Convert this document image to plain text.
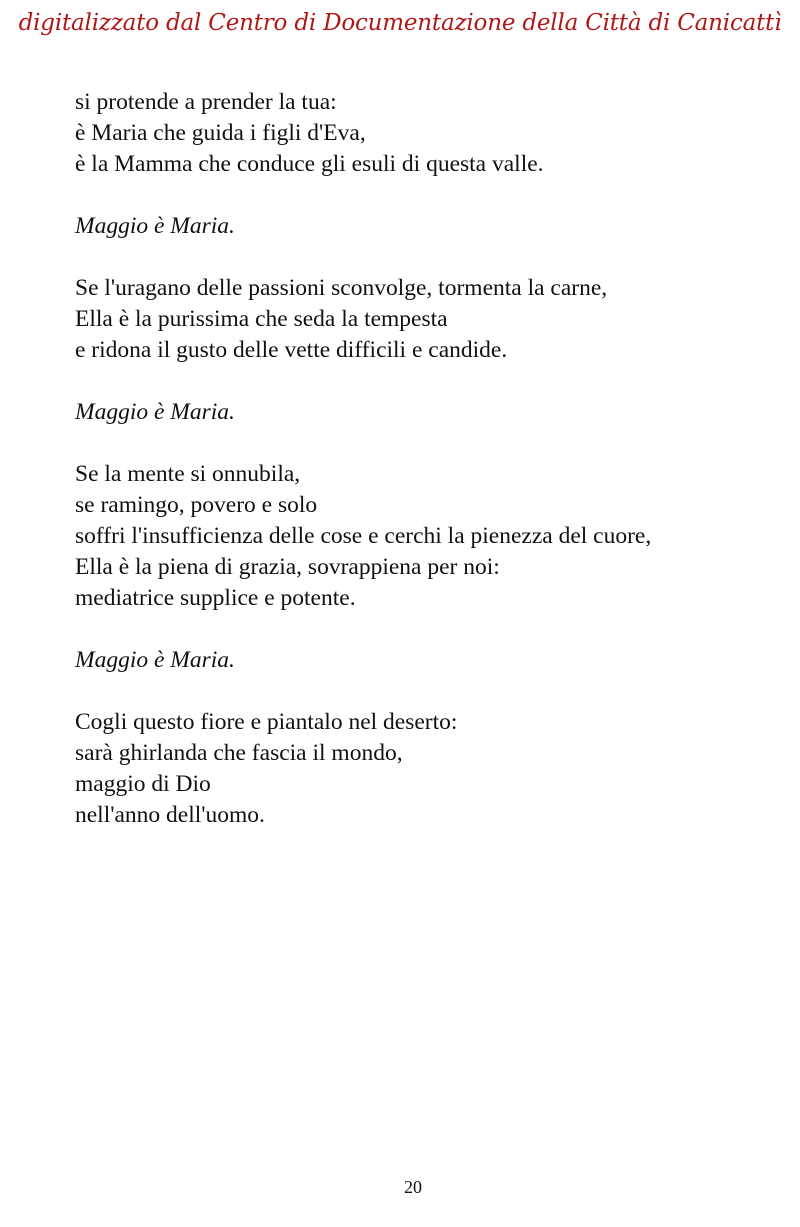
digitalizzato dal Centro di Documentazione della Città di Canicattì
si protende a prender la tua:
è Maria che guida i figli d'Eva,
è la Mamma che conduce gli esuli di questa valle.
Maggio è Maria.
Se l'uragano delle passioni sconvolge, tormenta la carne,
Ella è la purissima che seda la tempesta
e ridona il gusto delle vette difficili e candide.
Maggio è Maria.
Se la mente si onnubila,
se ramingo, povero e solo
soffri l'insufficienza delle cose e cerchi la pienezza del cuore,
Ella è la piena di grazia, sovrappiena per noi:
mediatrice supplice e potente.
Maggio è Maria.
Cogli questo fiore e piantalo nel deserto:
sarà ghirlanda che fascia il mondo,
maggio di Dio
nell'anno dell'uomo.
20
